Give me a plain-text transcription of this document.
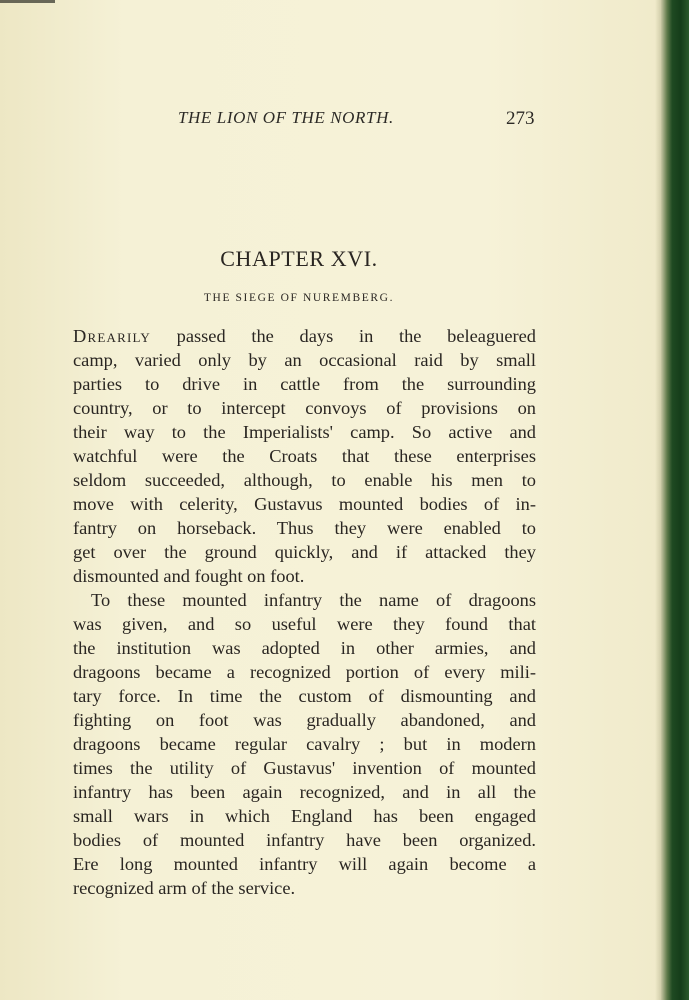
THE LION OF THE NORTH.	273
CHAPTER XVI.
THE SIEGE OF NUREMBERG.
Drearily passed the days in the beleaguered
camp, varied only by an occasional raid by small
parties to drive in cattle from the surrounding
country, or to intercept convoys of provisions on
their way to the Imperialists' camp. So active and
watchful were the Croats that these enterprises
seldom succeeded, although, to enable his men to
move with celerity, Gustavus mounted bodies of in-
fantry on horseback. Thus they were enabled to
get over the ground quickly, and if attacked they
dismounted and fought on foot.
To these mounted infantry the name of dragoons
was given, and so useful were they found that
the institution was adopted in other armies, and
dragoons became a recognized portion of every mili-
tary force. In time the custom of dismounting and
fighting on foot was gradually abandoned, and
dragoons became regular cavalry ; but in modern
times the utility of Gustavus' invention of mounted
infantry has been again recognized, and in all the
small wars in which England has been engaged
bodies of mounted infantry have been organized.
Ere long mounted infantry will again become a
recognized arm of the service.
